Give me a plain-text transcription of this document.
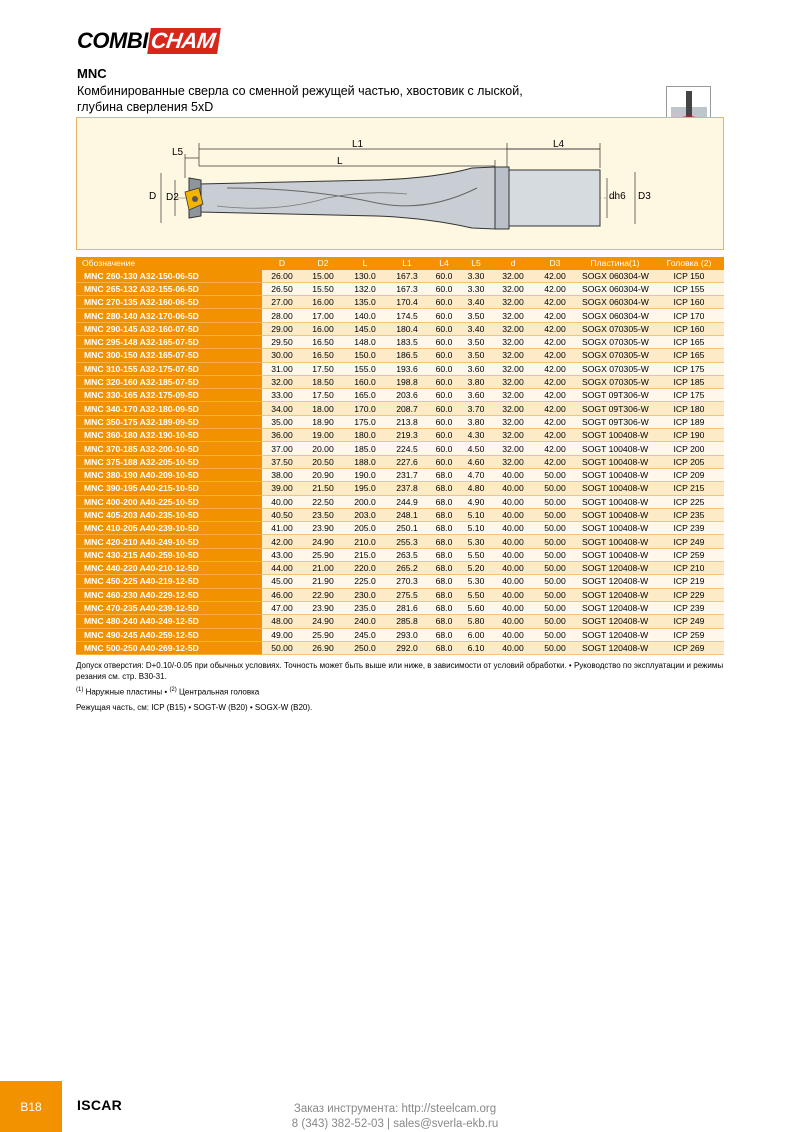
COMBI CHAM
MNC
Комбинированные сверла со сменной режущей частью, хвостовик с лыской, глубина сверления 5xD
L1	L4
L5
L
D D2	dh6 D3
Обозначение	D	D2	L	L1	L4	L5	d	D3	Пластина(1)	Головка (2)
MNC 260-130 A32-150-06-5D	26.00	15.00	130.0	167.3	60.0	3.30	32.00	42.00	SOGX 060304-W	ICP 150
MNC 265-132 A32-155-06-5D	26.50	15.50	132.0	167.3	60.0	3.30	32.00	42.00	SOGX 060304-W	ICP 155
MNC 270-135 A32-160-06-5D	27.00	16.00	135.0	170.4	60.0	3.40	32.00	42.00	SOGX 060304-W	ICP 160
MNC 280-140 A32-170-06-5D	28.00	17.00	140.0	174.5	60.0	3.50	32.00	42.00	SOGX 060304-W	ICP 170
MNC 290-145 A32-160-07-5D	29.00	16.00	145.0	180.4	60.0	3.40	32.00	42.00	SOGX 070305-W	ICP 160
MNC 295-148 A32-165-07-5D	29.50	16.50	148.0	183.5	60.0	3.50	32.00	42.00	SOGX 070305-W	ICP 165
MNC 300-150 A32-165-07-5D	30.00	16.50	150.0	186.5	60.0	3.50	32.00	42.00	SOGX 070305-W	ICP 165
MNC 310-155 A32-175-07-5D	31.00	17.50	155.0	193.6	60.0	3.60	32.00	42.00	SOGX 070305-W	ICP 175
MNC 320-160 A32-185-07-5D	32.00	18.50	160.0	198.8	60.0	3.80	32.00	42.00	SOGX 070305-W	ICP 185
MNC 330-165 A32-175-09-5D	33.00	17.50	165.0	203.6	60.0	3.60	32.00	42.00	SOGT 09T306-W	ICP 175
MNC 340-170 A32-180-09-5D	34.00	18.00	170.0	208.7	60.0	3.70	32.00	42.00	SOGT 09T306-W	ICP 180
MNC 350-175 A32-189-09-5D	35.00	18.90	175.0	213.8	60.0	3.80	32.00	42.00	SOGT 09T306-W	ICP 189
MNC 360-180 A32-190-10-5D	36.00	19.00	180.0	219.3	60.0	4.30	32.00	42.00	SOGT 100408-W	ICP 190
MNC 370-185 A32-200-10-5D	37.00	20.00	185.0	224.5	60.0	4.50	32.00	42.00	SOGT 100408-W	ICP 200
MNC 375-188 A32-205-10-5D	37.50	20.50	188.0	227.6	60.0	4.60	32.00	42.00	SOGT 100408-W	ICP 205
MNC 380-190 A40-209-10-5D	38.00	20.90	190.0	231.7	68.0	4.70	40.00	50.00	SOGT 100408-W	ICP 209
MNC 390-195 A40-215-10-5D	39.00	21.50	195.0	237.8	68.0	4.80	40.00	50.00	SOGT 100408-W	ICP 215
MNC 400-200 A40-225-10-5D	40.00	22.50	200.0	244.9	68.0	4.90	40.00	50.00	SOGT 100408-W	ICP 225
MNC 405-203 A40-235-10-5D	40.50	23.50	203.0	248.1	68.0	5.10	40.00	50.00	SOGT 100408-W	ICP 235
MNC 410-205 A40-239-10-5D	41.00	23.90	205.0	250.1	68.0	5.10	40.00	50.00	SOGT 100408-W	ICP 239
MNC 420-210 A40-249-10-5D	42.00	24.90	210.0	255.3	68.0	5.30	40.00	50.00	SOGT 100408-W	ICP 249
MNC 430-215 A40-259-10-5D	43.00	25.90	215.0	263.5	68.0	5.50	40.00	50.00	SOGT 100408-W	ICP 259
MNC 440-220 A40-210-12-5D	44.00	21.00	220.0	265.2	68.0	5.20	40.00	50.00	SOGT 120408-W	ICP 210
MNC 450-225 A40-219-12-5D	45.00	21.90	225.0	270.3	68.0	5.30	40.00	50.00	SOGT 120408-W	ICP 219
MNC 460-230 A40-229-12-5D	46.00	22.90	230.0	275.5	68.0	5.50	40.00	50.00	SOGT 120408-W	ICP 229
MNC 470-235 A40-239-12-5D	47.00	23.90	235.0	281.6	68.0	5.60	40.00	50.00	SOGT 120408-W	ICP 239
MNC 480-240 A40-249-12-5D	48.00	24.90	240.0	285.8	68.0	5.80	40.00	50.00	SOGT 120408-W	ICP 249
MNC 490-245 A40-259-12-5D	49.00	25.90	245.0	293.0	68.0	6.00	40.00	50.00	SOGT 120408-W	ICP 259
MNC 500-250 A40-269-12-5D	50.00	26.90	250.0	292.0	68.0	6.10	40.00	50.00	SOGT 120408-W	ICP 269
Допуск отверстия: D+0.10/-0.05 при обычных условиях. Точность может быть выше или ниже, в зависимости от условий обработки. • Руководство по эксплуатации и режимы резания см. стр. B30-31.
$^{(1)}$ Наружные пластины • $^{(2)}$ Центральная головка
Режущая часть, см: ICP (B15) • SOGT-W (B20) • SOGX-W (B20).
B18	ISCAR	Заказ инструмента: http://steelcam.org
8 (343) 382-52-03 | sales@sverla-ekb.ru
